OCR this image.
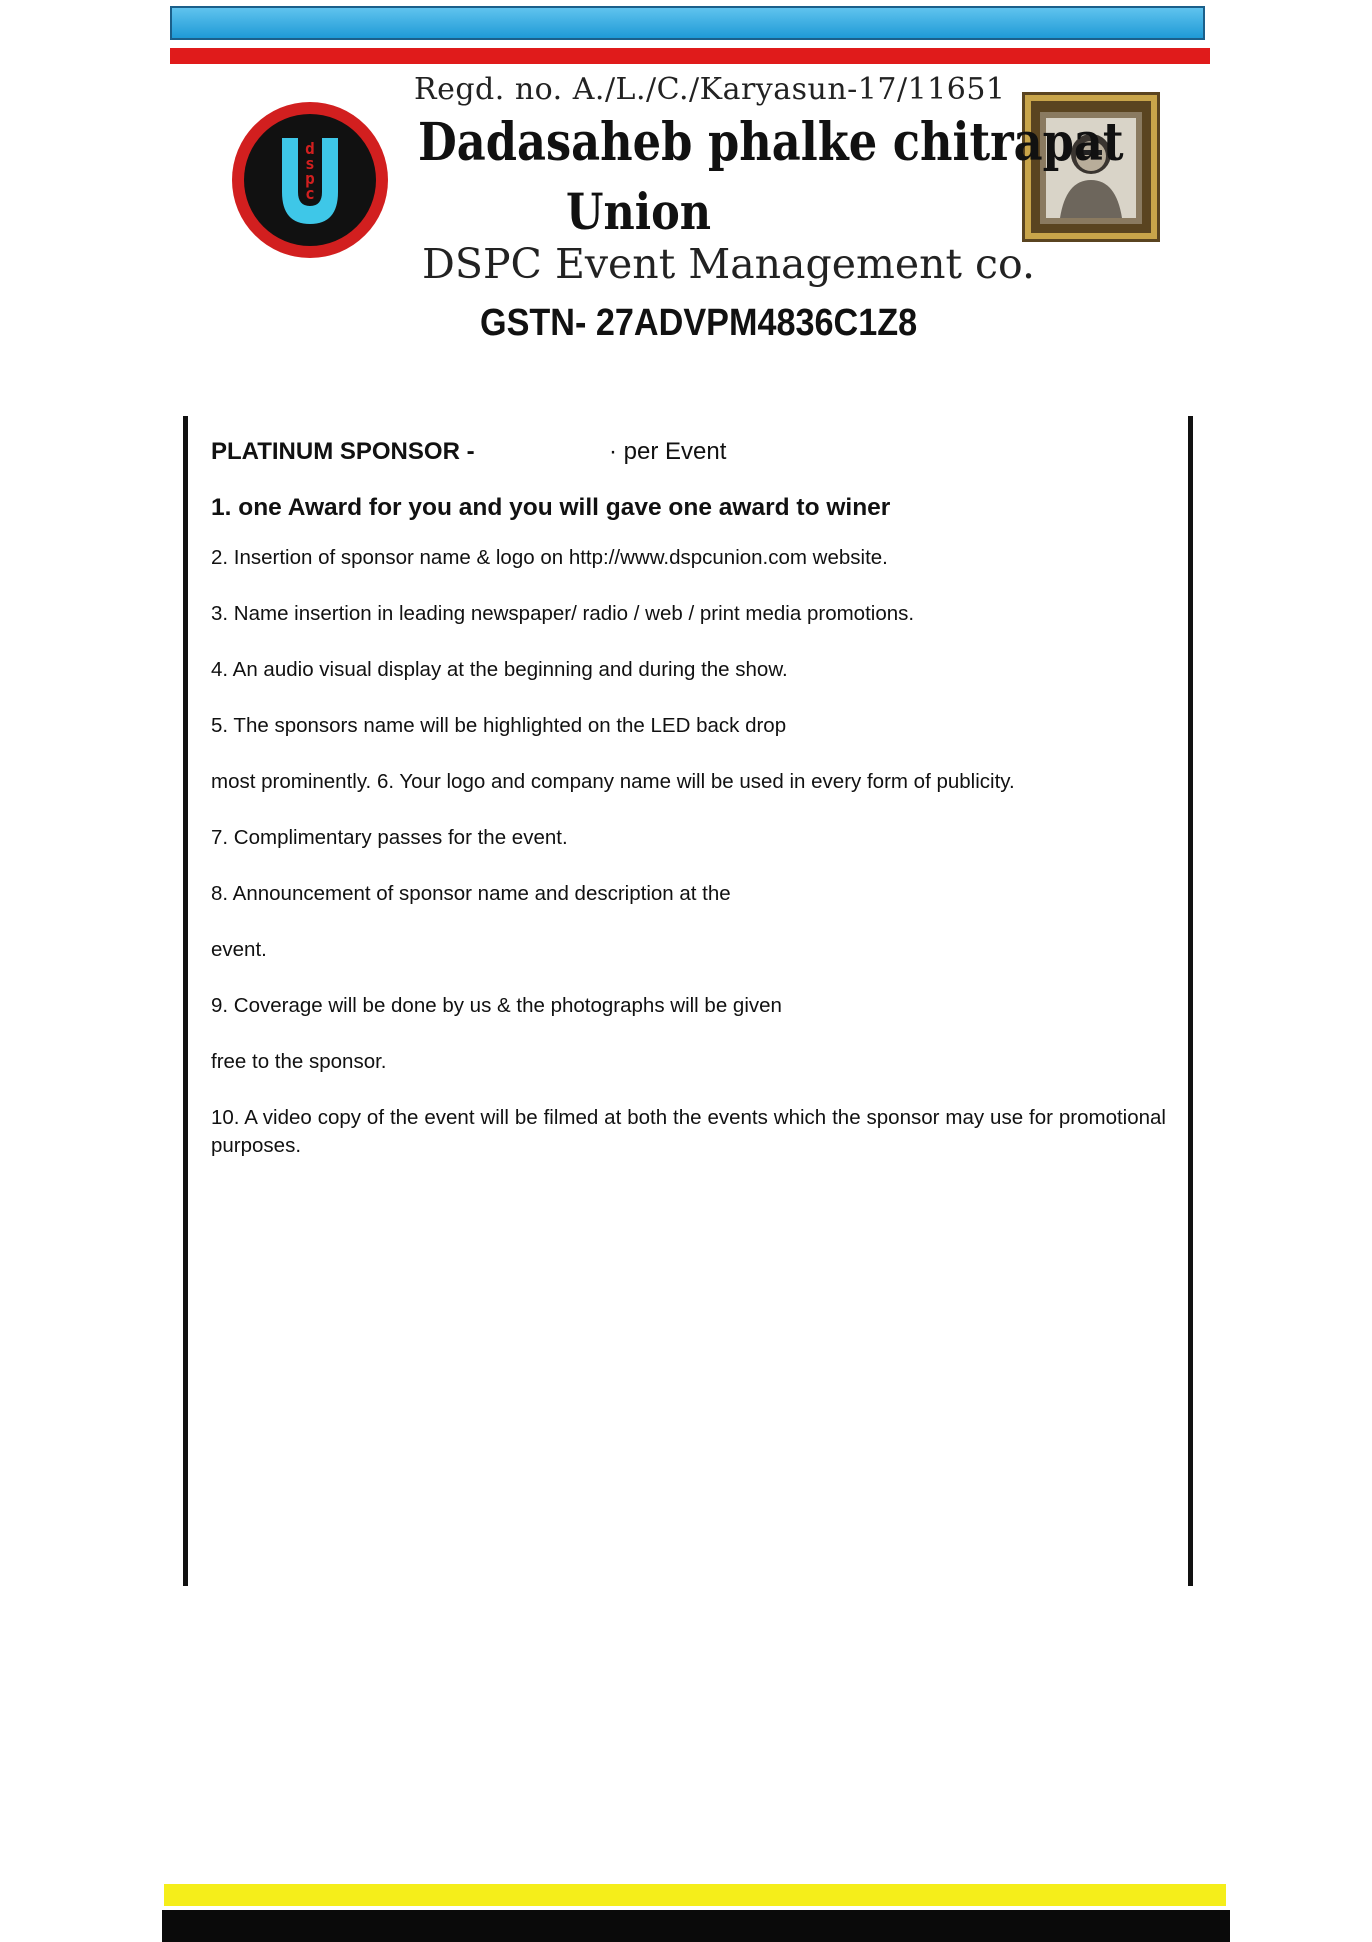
d
s
p
c
Regd. no. A./L./C./Karyasun-17/11651
Dadasaheb phalke chitrapat
Union
DSPC Event Management co.
GSTN- 27ADVPM4836C1Z8
PLATINUM SPONSOR -	· per Event
1. one Award for you and you will gave one award to winer
2. Insertion of sponsor name & logo on http://www.dspcunion.com website.
3. Name insertion in leading newspaper/ radio / web / print media promotions.
4. An audio visual display at the beginning and during the show.
5. The sponsors name will be highlighted on the LED back drop
most prominently. 6. Your logo and company name will be used in every form of publicity.
7. Complimentary passes for the event.
8. Announcement of sponsor name and description at the
event.
9. Coverage will be done by us & the photographs will be given
free to the sponsor.
10. A video copy of the event will be filmed at both the events which the sponsor may use for promotional purposes.
